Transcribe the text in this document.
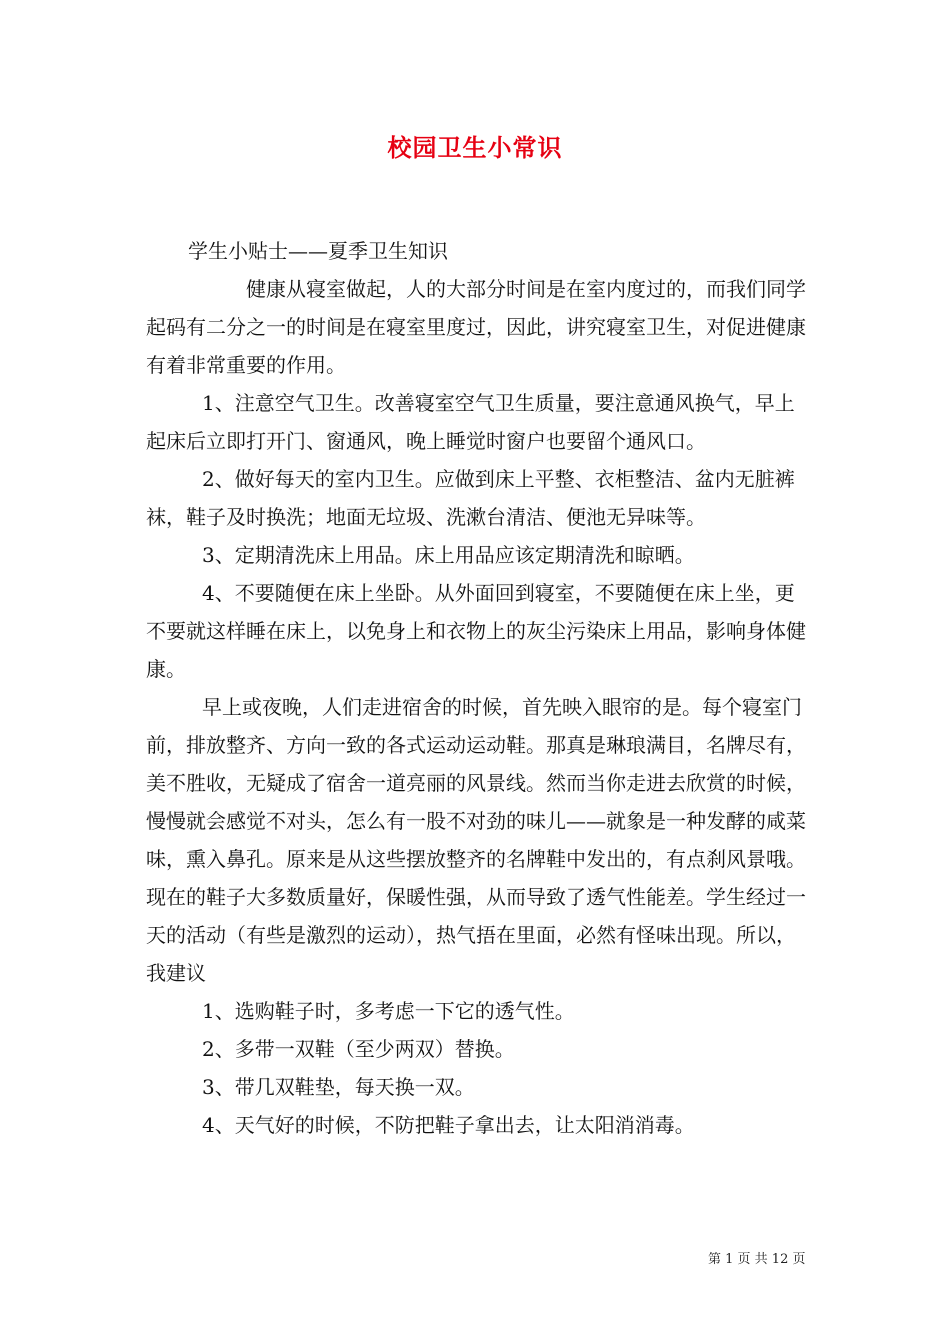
校园卫生小常识

学生小贴士——夏季卫生知识

健康从寝室做起，人的大部分时间是在室内度过的，而我们同学起码有二分之一的时间是在寝室里度过，因此，讲究寝室卫生，对促进健康有着非常重要的作用。

1、注意空气卫生。改善寝室空气卫生质量，要注意通风换气，早上起床后立即打开门、窗通风，晚上睡觉时窗户也要留个通风口。

2、做好每天的室内卫生。应做到床上平整、衣柜整洁、盆内无脏裤袜，鞋子及时换洗；地面无垃圾、洗漱台清洁、便池无异味等。

3、定期清洗床上用品。床上用品应该定期清洗和晾晒。

4、不要随便在床上坐卧。从外面回到寝室，不要随便在床上坐，更不要就这样睡在床上，以免身上和衣物上的灰尘污染床上用品，影响身体健康。

早上或夜晚，人们走进宿舍的时候，首先映入眼帘的是。每个寝室门前，排放整齐、方向一致的各式运动运动鞋。那真是琳琅满目，名牌尽有，美不胜收，无疑成了宿舍一道亮丽的风景线。然而当你走进去欣赏的时候，慢慢就会感觉不对头，怎么有一股不对劲的味儿——就象是一种发酵的咸菜味，熏入鼻孔。原来是从这些摆放整齐的名牌鞋中发出的，有点刹风景哦。现在的鞋子大多数质量好，保暖性强，从而导致了透气性能差。学生经过一天的活动（有些是激烈的运动），热气捂在里面，必然有怪味出现。所以，我建议

1、选购鞋子时，多考虑一下它的透气性。

2、多带一双鞋（至少两双）替换。

3、带几双鞋垫，每天换一双。

4、天气好的时候，不防把鞋子拿出去，让太阳消消毒。

第 1 页 共 12 页
